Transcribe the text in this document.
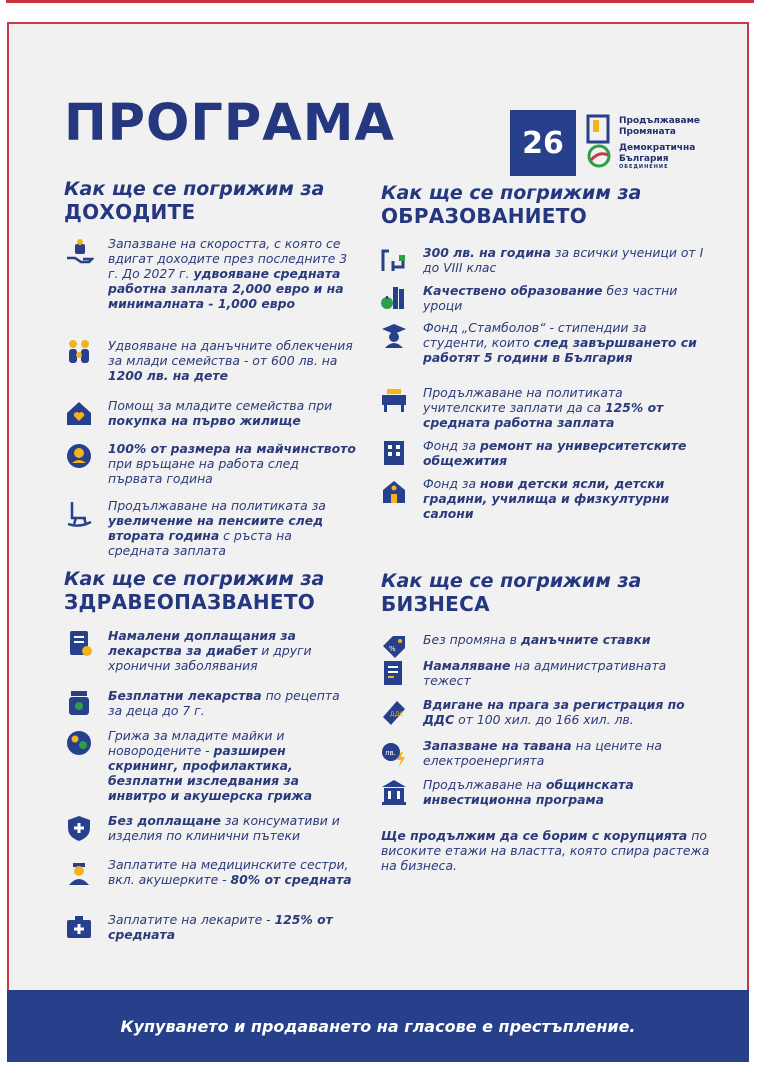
ПРОГРАМА	26
Продължаваме
Промяната
Демократична
България
ОБЕДИНЕНИЕ
Как ще се погрижим за
ДОХОДИТЕ
Как ще се погрижим за
ОБРАЗОВАНИЕТО
Как ще се погрижим за
ЗДРАВЕОПАЗВАНЕТО
Как ще се погрижим за
БИЗНЕСА
Запазване на скоростта, с която се вдигат доходите през последните 3 г. До 2027 г. удвояване средната работна заплата 2,000 евро и на минималната - 1,000 евро
Удвояване на данъчните облекчения за млади семейства - от 600 лв. на 1200 лв. на дете
Помощ за младите семейства при покупка на първо жилище
100% от размера на майчинството при връщане на работа след първата година
Продължаване на политиката за увеличение на пенсиите след втората година с ръста на средната заплата
300 лв. на година за всички ученици от I до VIII клас
Качествено образование без частни уроци
Фонд „Стамболов“ - стипендии за студенти, които след завършването си работят 5 години в България
Продължаване на политиката учителските заплати да са 125% от средната работна заплата
Фонд за ремонт на университетските общежития
Фонд за нови детски ясли, детски градини, училища и физкултурни салони
Намалени доплащания за лекарства за диабет и други хронични заболявания
Безплатни лекарства по рецепта за деца до 7 г.
Грижа за младите майки и новородените - разширен скрининг, профилактика, безплатни изследвания за инвитро и акушерска грижа
Без доплащане за консумативи и изделия по клинични пътеки
Заплатите на медицинските сестри, вкл. акушерките - 80% от средната
Заплатите на лекарите - 125% от средната
%
Без промяна в данъчните ставки
Намаляване на административната тежест
ДДС
Вдигане на прага за регистрация по ДДС от 100 хил. до 166 хил. лв.
лв. Запазване на тавана на цените на електроенергията
Продължаване на общинската инвестиционна програма
Ще продължим да се борим с корупцията по високите етажи на властта, която спира растежа на бизнеса.
Купуването и продаването на гласове е престъпление.
